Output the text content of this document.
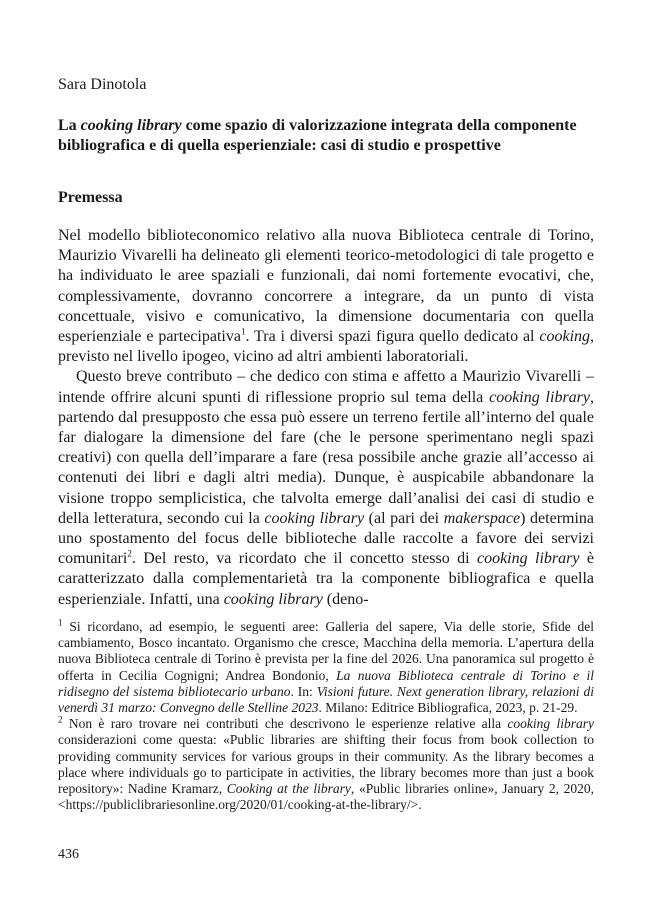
Sara Dinotola
La cooking library come spazio di valorizzazione integrata della componente bibliografica e di quella esperienziale: casi di studio e prospettive
Premessa

Nel modello biblioteconomico relativo alla nuova Biblioteca centrale di Torino, Maurizio Vivarelli ha delineato gli elementi teorico-metodologici di tale progetto e ha individuato le aree spaziali e funzionali, dai nomi fortemente evocativi, che, complessivamente, dovranno concorrere a integrare, da un punto di vista concettuale, visivo e comunicativo, la dimensione documentaria con quella esperienziale e partecipativa$^1$. Tra i diversi spazi figura quello dedicato al cooking, previsto nel livello ipogeo, vicino ad altri ambienti laboratoriali.

Questo breve contributo – che dedico con stima e affetto a Maurizio Vivarelli – intende offrire alcuni spunti di riflessione proprio sul tema della cooking library, partendo dal presupposto che essa può essere un terreno fertile all’interno del quale far dialogare la dimensione del fare (che le persone sperimentano negli spazi creativi) con quella dell’imparare a fare (resa possibile anche grazie all’accesso ai contenuti dei libri e dagli altri media). Dunque, è auspicabile abbandonare la visione troppo semplicistica, che talvolta emerge dall’analisi dei casi di studio e della letteratura, secondo cui la cooking library (al pari dei makerspace) determina uno spostamento del focus delle biblioteche dalle raccolte a favore dei servizi comunitari$^2$. Del resto, va ricordato che il concetto stesso di cooking library è caratterizzato dalla complementarietà tra la componente bibliografica e quella esperienziale. Infatti, una cooking library (deno-

$^1$ Si ricordano, ad esempio, le seguenti aree: Galleria del sapere, Via delle storie, Sfide del cambiamento, Bosco incantato. Organismo che cresce, Macchina della memoria. L’apertura della nuova Biblioteca centrale di Torino è prevista per la fine del 2026. Una panoramica sul progetto è offerta in Cecilia Cognigni; Andrea Bondonio, La nuova Biblioteca centrale di Torino e il ridisegno del sistema bibliotecario urbano. In: Visioni future. Next generation library, relazioni di venerdì 31 marzo: Convegno delle Stelline 2023. Milano: Editrice Bibliografica, 2023, p. 21-29.

$^2$ Non è raro trovare nei contributi che descrivono le esperienze relative alla cooking library considerazioni come questa: «Public libraries are shifting their focus from book collection to providing community services for various groups in their community. As the library becomes a place where individuals go to participate in activities, the library becomes more than just a book repository»: Nadine Kramarz, Cooking at the library, «Public libraries online», January 2, 2020, <https://publiclibrariesonline.org/2020/01/cooking-at-the-library/>.

436
